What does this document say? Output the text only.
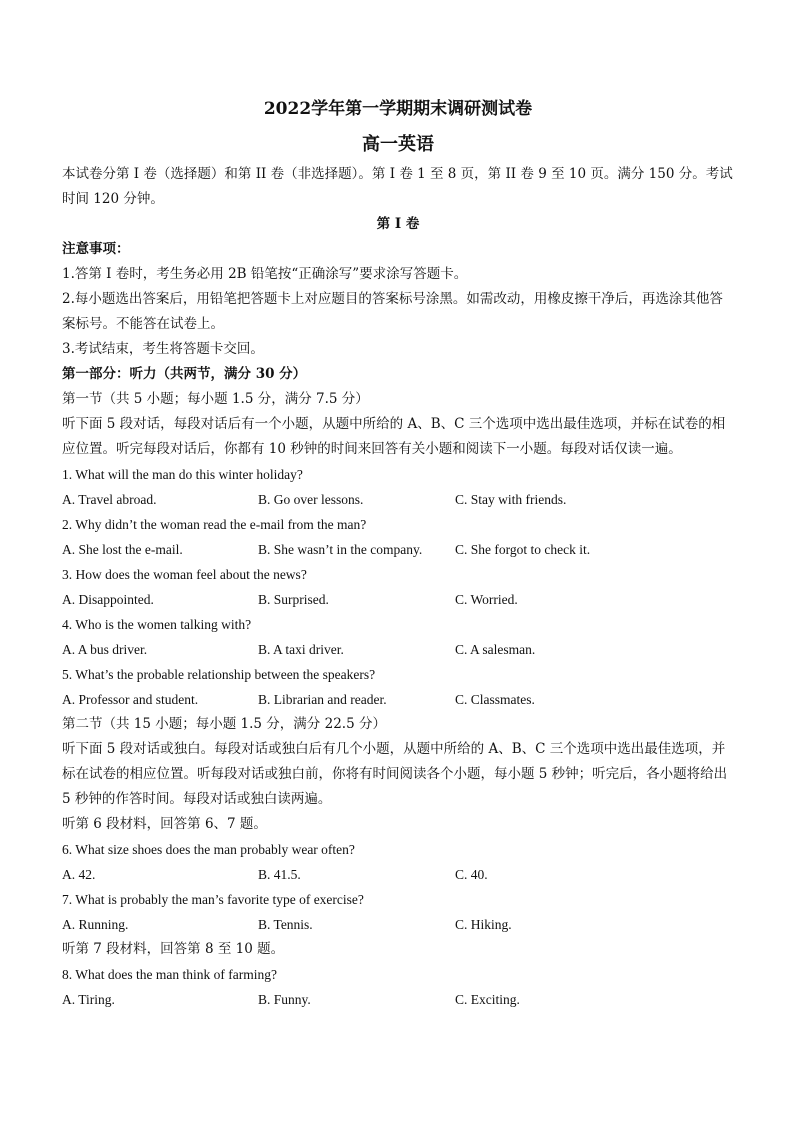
2022学年第一学期期末调研测试卷
高一英语
本试卷分第 I 卷（选择题）和第 II 卷（非选择题）。第 I 卷 1 至 8 页，第 II 卷 9 至 10 页。满分 150 分。考试时间 120 分钟。
第 I 卷
注意事项：
1.答第 I 卷时，考生务必用 2B 铅笔按“正确涂写”要求涂写答题卡。
2.每小题选出答案后，用铅笔把答题卡上对应题目的答案标号涂黑。如需改动，用橡皮擦干净后，再选涂其他答案标号。不能答在试卷上。
3.考试结束，考生将答题卡交回。
第一部分：听力（共两节，满分 30 分）
第一节（共 5 小题；每小题 1.5 分，满分 7.5 分）
听下面 5 段对话，每段对话后有一个小题，从题中所给的 A、B、C 三个选项中选出最佳选项，并标在试卷的相应位置。听完每段对话后，你都有 10 秒钟的时间来回答有关小题和阅读下一小题。每段对话仅读一遍。
1. What will the man do this winter holiday?
A. Travel abroad.	B. Go over lessons.	C. Stay with friends.
2. Why didn’t the woman read the e-mail from the man?
A. She lost the e-mail.	B. She wasn’t in the company.	C. She forgot to check it.
3. How does the woman feel about the news?
A. Disappointed.	B. Surprised.	C. Worried.
4. Who is the women talking with?
A. A bus driver.	B. A taxi driver.	C. A salesman.
5. What’s the probable relationship between the speakers?
A. Professor and student.	B. Librarian and reader.	C. Classmates.
第二节（共 15 小题；每小题 1.5 分，满分 22.5 分）
听下面 5 段对话或独白。每段对话或独白后有几个小题，从题中所给的 A、B、C 三个选项中选出最佳选项，并标在试卷的相应位置。听每段对话或独白前，你将有时间阅读各个小题，每小题 5 秒钟；听完后，各小题将给出 5 秒钟的作答时间。每段对话或独白读两遍。
听第 6 段材料，回答第 6、7 题。
6. What size shoes does the man probably wear often?
A. 42.	B. 41.5.	C. 40.
7. What is probably the man’s favorite type of exercise?
A. Running.	B. Tennis.	C. Hiking.
听第 7 段材料，回答第 8 至 10 题。
8. What does the man think of farming?
A. Tiring.	B. Funny.	C. Exciting.
